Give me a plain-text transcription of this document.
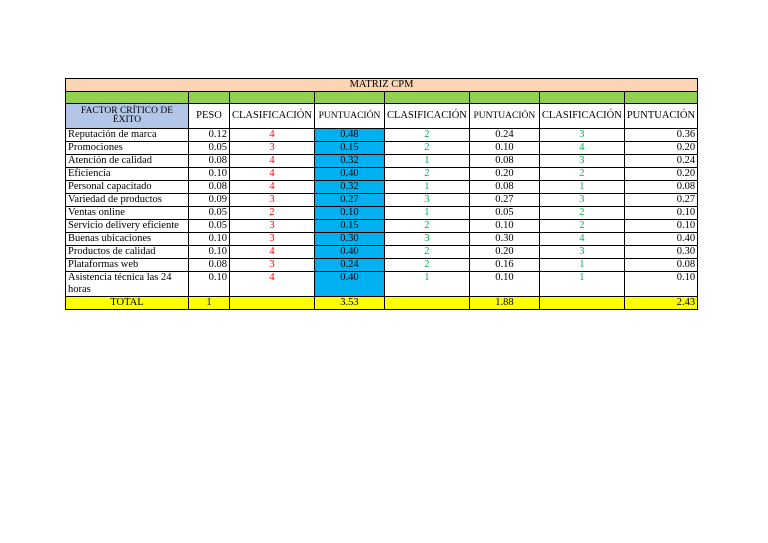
MATRIZ CPM							

FACTOR CRÍTICO DE ÉXITO	PESO	CLASIFICACIÓN	PUNTUACIÓN	CLASIFICACIÓN	PUNTUACIÓN	CLASIFICACIÓN	PUNTUACIÓN
Reputación de marca	0.12	4	0.48	2	0.24	3	0.36
Promociones	0.05	3	0.15	2	0.10	4	0.20
Atención de calidad	0.08	4	0.32	1	0.08	3	0.24
Eficiencia	0.10	4	0.40	2	0.20	2	0.20
Personal capacitado	0.08	4	0.32	1	0.08	1	0.08
Variedad de productos	0.09	3	0.27	3	0.27	3	0.27
Ventas online	0.05	2	0.10	1	0.05	2	0.10
Servicio delivery eficiente	0.05	3	0.15	2	0.10	2	0.10
Buenas ubicaciones	0.10	3	0.30	3	0.30	4	0.40
Productos de calidad	0.10	4	0.40	2	0.20	3	0.30
Plataformas web	0.08	3	0.24	2	0.16	1	0.08
Asistencia técnica las 24 horas	0.10	4	0.40	1	0.10	1	0.10
TOTAL	1		3.53		1.88		2.43
